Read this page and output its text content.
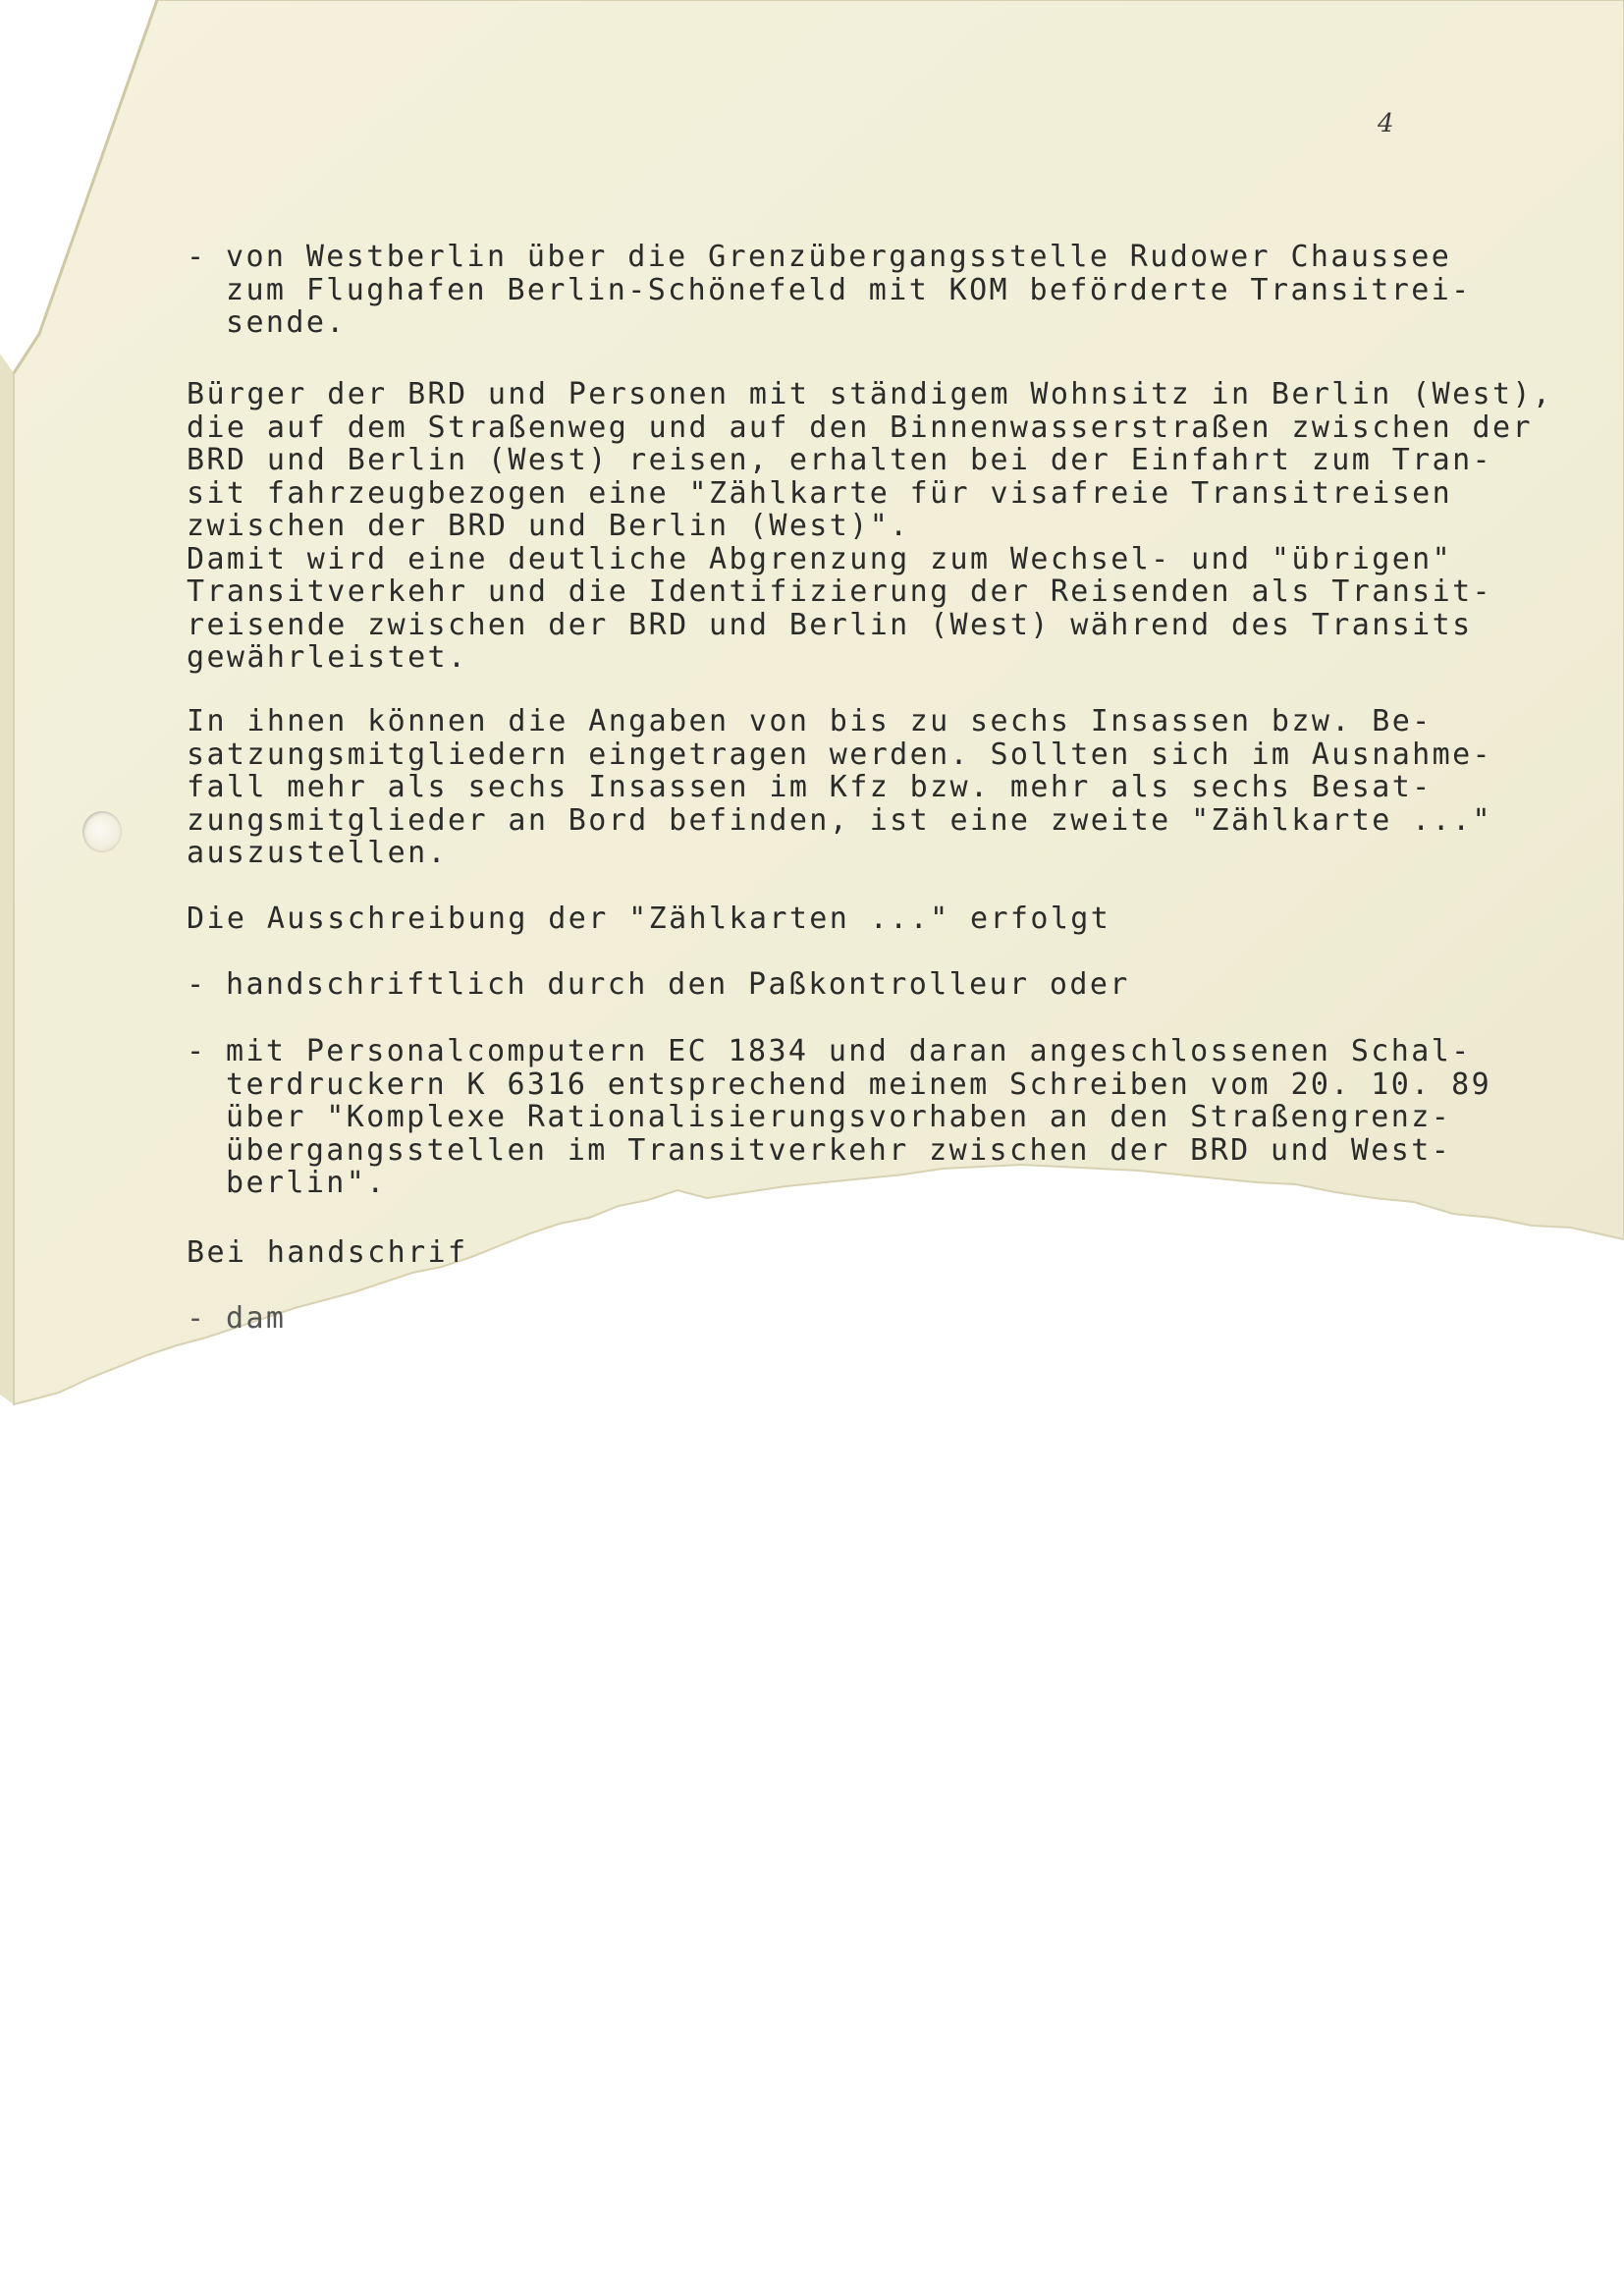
4
- von Westberlin über die Grenzübergangsstelle Rudower Chaussee
zum Flughafen Berlin-Schönefeld mit KOM beförderte Transitrei-
sende.
Bürger der BRD und Personen mit ständigem Wohnsitz in Berlin (West),
die auf dem Straßenweg und auf den Binnenwasserstraßen zwischen der
BRD und Berlin (West) reisen, erhalten bei der Einfahrt zum Tran-
sit fahrzeugbezogen eine "Zählkarte für visafreie Transitreisen
zwischen der BRD und Berlin (West)".
Damit wird eine deutliche Abgrenzung zum Wechsel- und "übrigen"
Transitverkehr und die Identifizierung der Reisenden als Transit-
reisende zwischen der BRD und Berlin (West) während des Transits
gewährleistet.
In ihnen können die Angaben von bis zu sechs Insassen bzw. Be-
satzungsmitgliedern eingetragen werden. Sollten sich im Ausnahme-
fall mehr als sechs Insassen im Kfz bzw. mehr als sechs Besat-
zungsmitglieder an Bord befinden, ist eine zweite "Zählkarte ..."
auszustellen.
Die Ausschreibung der "Zählkarten ..." erfolgt
- handschriftlich durch den Paßkontrolleur oder
- mit Personalcomputern EC 1834 und daran angeschlossenen Schal-
terdruckern K 6316 entsprechend meinem Schreiben vom 20. 10. 89
über "Komplexe Rationalisierungsvorhaben an den Straßengrenz-
übergangsstellen im Transitverkehr zwischen der BRD und West-
berlin".
Bei handschrif
- dam
